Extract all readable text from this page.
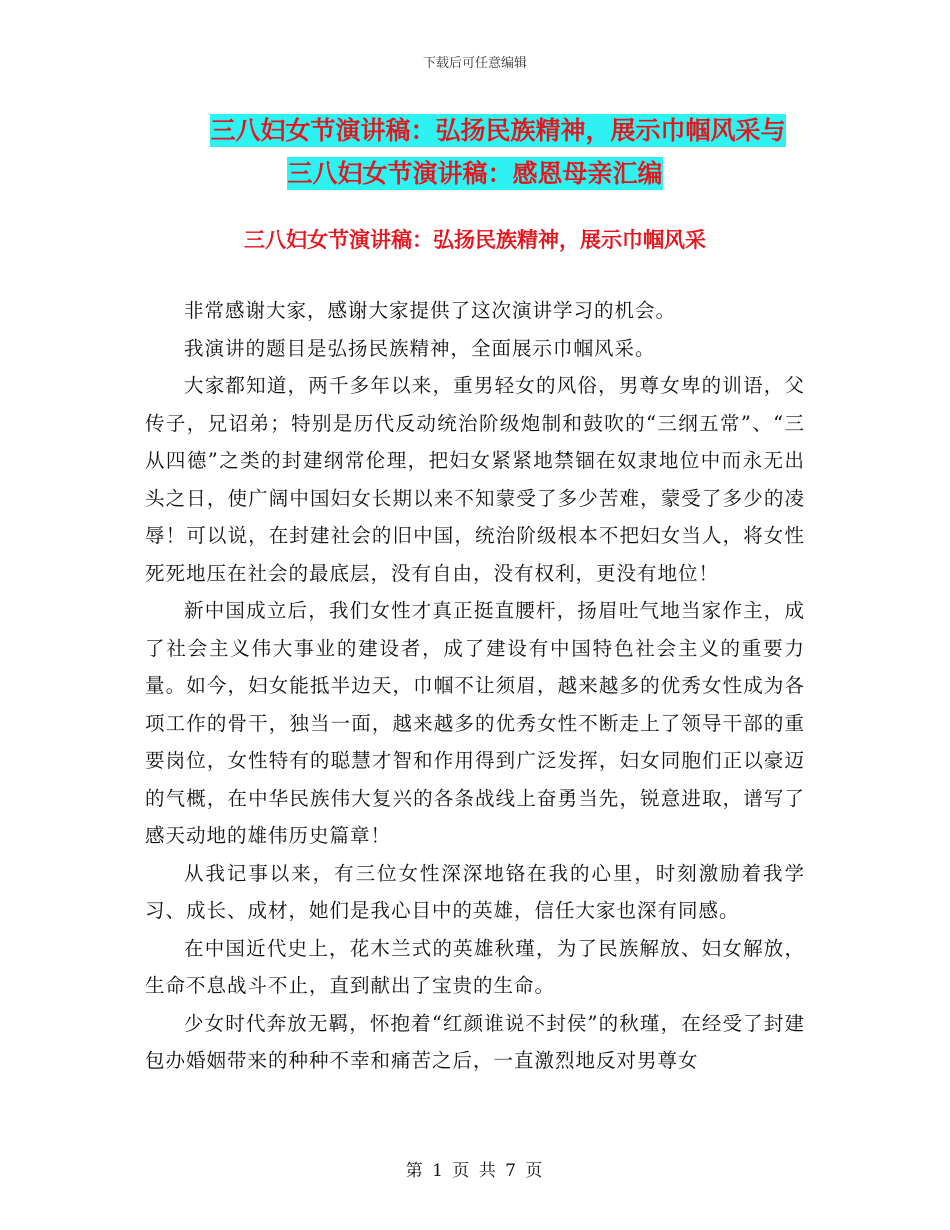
下载后可任意编辑
三八妇女节演讲稿：弘扬民族精神，展示巾帼风采与
三八妇女节演讲稿：感恩母亲汇编
三八妇女节演讲稿：弘扬民族精神，展示巾帼风采

非常感谢大家，感谢大家提供了这次演讲学习的机会。

我演讲的题目是弘扬民族精神，全面展示巾帼风采。

大家都知道，两千多年以来，重男轻女的风俗，男尊女卑的训语，父传子，兄诏弟；特别是历代反动统治阶级炮制和鼓吹的“三纲五常”、“三从四德”之类的封建纲常伦理，把妇女紧紧地禁锢在奴隶地位中而永无出头之日，使广阔中国妇女长期以来不知蒙受了多少苦难，蒙受了多少的凌辱！可以说，在封建社会的旧中国，统治阶级根本不把妇女当人，将女性死死地压在社会的最底层，没有自由，没有权利，更没有地位！

新中国成立后，我们女性才真正挺直腰杆，扬眉吐气地当家作主，成了社会主义伟大事业的建设者，成了建设有中国特色社会主义的重要力量。如今，妇女能抵半边天，巾帼不让须眉，越来越多的优秀女性成为各项工作的骨干，独当一面，越来越多的优秀女性不断走上了领导干部的重要岗位，女性特有的聪慧才智和作用得到广泛发挥，妇女同胞们正以豪迈的气概，在中华民族伟大复兴的各条战线上奋勇当先，锐意进取，谱写了感天动地的雄伟历史篇章！

从我记事以来，有三位女性深深地铬在我的心里，时刻激励着我学习、成长、成材，她们是我心目中的英雄，信任大家也深有同感。

在中国近代史上，花木兰式的英雄秋瑾，为了民族解放、妇女解放，生命不息战斗不止，直到献出了宝贵的生命。

少女时代奔放无羁，怀抱着“红颜谁说不封侯”的秋瑾，在经受了封建包办婚姻带来的种种不幸和痛苦之后，一直激烈地反对男尊女

第 1 页 共 7 页
